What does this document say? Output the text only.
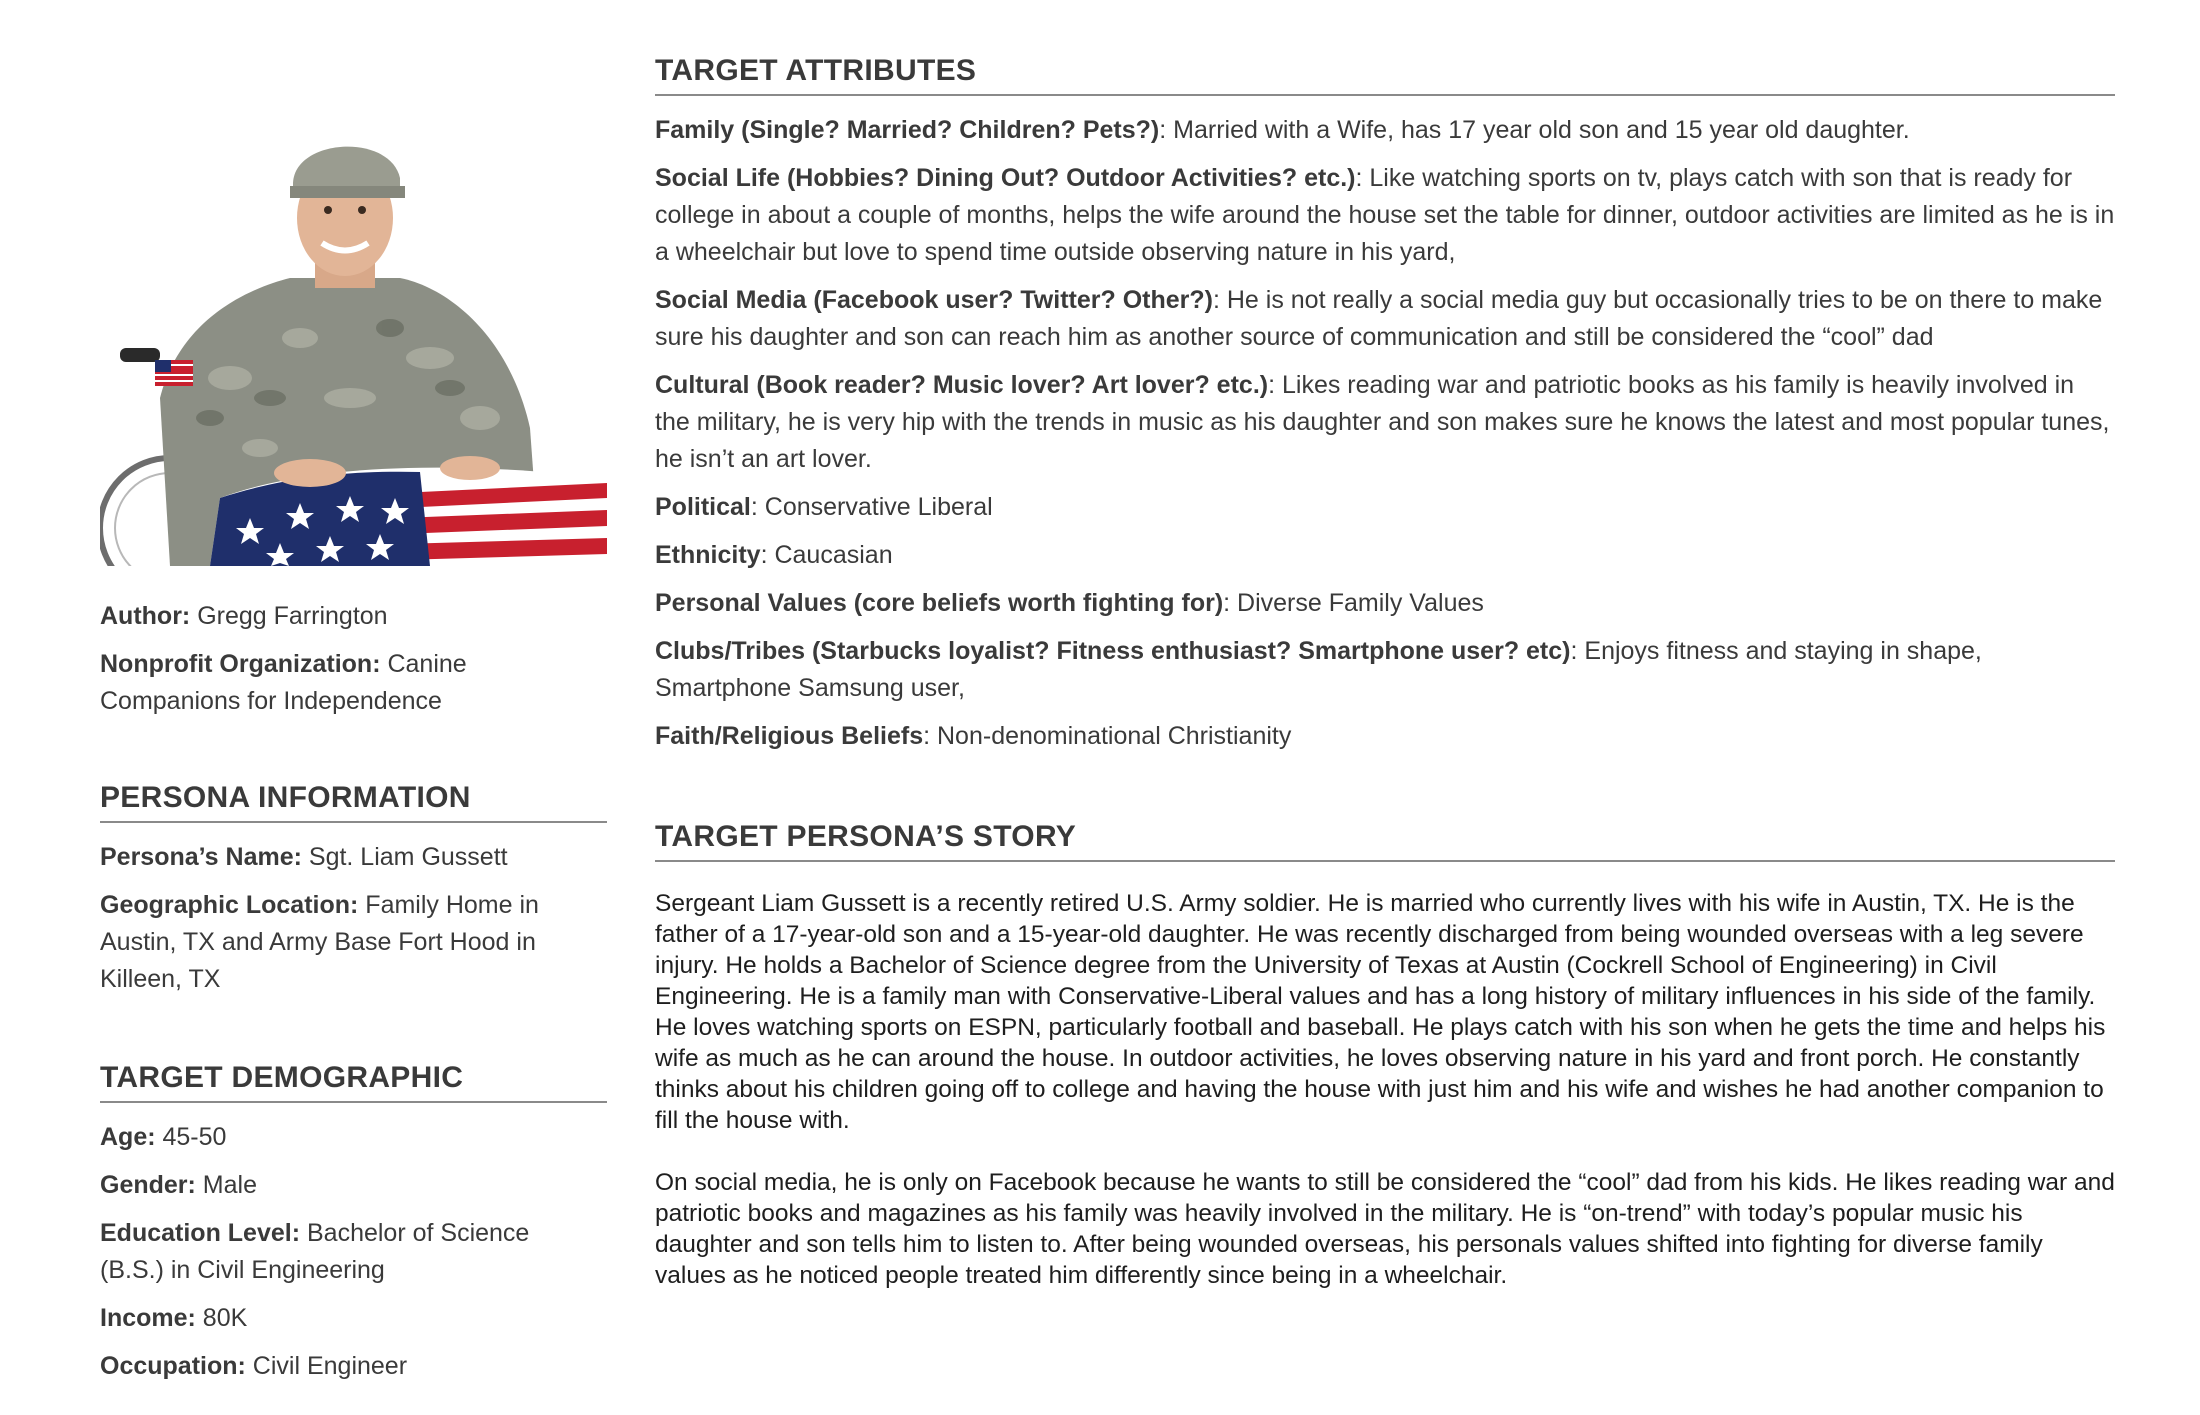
Author: Gregg Farrington
Nonprofit Organization: Canine Companions for Independence
PERSONA INFORMATION
Persona’s Name: Sgt. Liam Gussett
Geographic Location: Family Home in Austin, TX and Army Base Fort Hood in Killeen, TX
TARGET DEMOGRAPHIC
Age: 45-50
Gender: Male
Education Level: Bachelor of Science (B.S.) in Civil Engineering
Income: 80K
Occupation: Civil Engineer
TARGET ATTRIBUTES
Family (Single? Married? Children? Pets?): Married with a Wife, has 17 year old son and 15 year old daughter.
Social Life (Hobbies? Dining Out? Outdoor Activities? etc.): Like watching sports on tv, plays catch with son that is ready for college in about a couple of months, helps the wife around the house set the table for dinner, outdoor activities are limited as he is in a wheelchair but love to spend time outside observing nature in his yard,
Social Media (Facebook user? Twitter? Other?): He is not really a social media guy but occasionally tries to be on there to make sure his daughter and son can reach him as another source of communication and still be considered the “cool” dad
Cultural (Book reader? Music lover? Art lover? etc.): Likes reading war and patriotic books as his family is heavily involved in the military, he is very hip with the trends in music as his daughter and son makes sure he knows the latest and most popular tunes, he isn’t an art lover.
Political: Conservative Liberal
Ethnicity: Caucasian
Personal Values (core beliefs worth fighting for): Diverse Family Values
Clubs/Tribes (Starbucks loyalist? Fitness enthusiast? Smartphone user? etc): Enjoys fitness and staying in shape, Smartphone Samsung user,
Faith/Religious Beliefs: Non-denominational Christianity
TARGET PERSONA’S STORY

Sergeant Liam Gussett is a recently retired U.S. Army soldier. He is married who currently lives with his wife in Austin, TX. He is the father of a 17-year-old son and a 15-year-old daughter. He was recently discharged from being wounded overseas with a leg severe injury. He holds a Bachelor of Science degree from the University of Texas at Austin (Cockrell School of Engineering) in Civil Engineering. He is a family man with Conservative-Liberal values and has a long history of military influences in his side of the family. He loves watching sports on ESPN, particularly football and baseball. He plays catch with his son when he gets the time and helps his wife as much as he can around the house. In outdoor activities, he loves observing nature in his yard and front porch. He constantly thinks about his children going off to college and having the house with just him and his wife and wishes he had another companion to fill the house with.

On social media, he is only on Facebook because he wants to still be considered the “cool” dad from his kids. He likes reading war and patriotic books and magazines as his family was heavily involved in the military. He is “on-trend” with today’s popular music his daughter and son tells him to listen to. After being wounded overseas, his personals values shifted into fighting for diverse family values as he noticed people treated him differently since being in a wheelchair.
